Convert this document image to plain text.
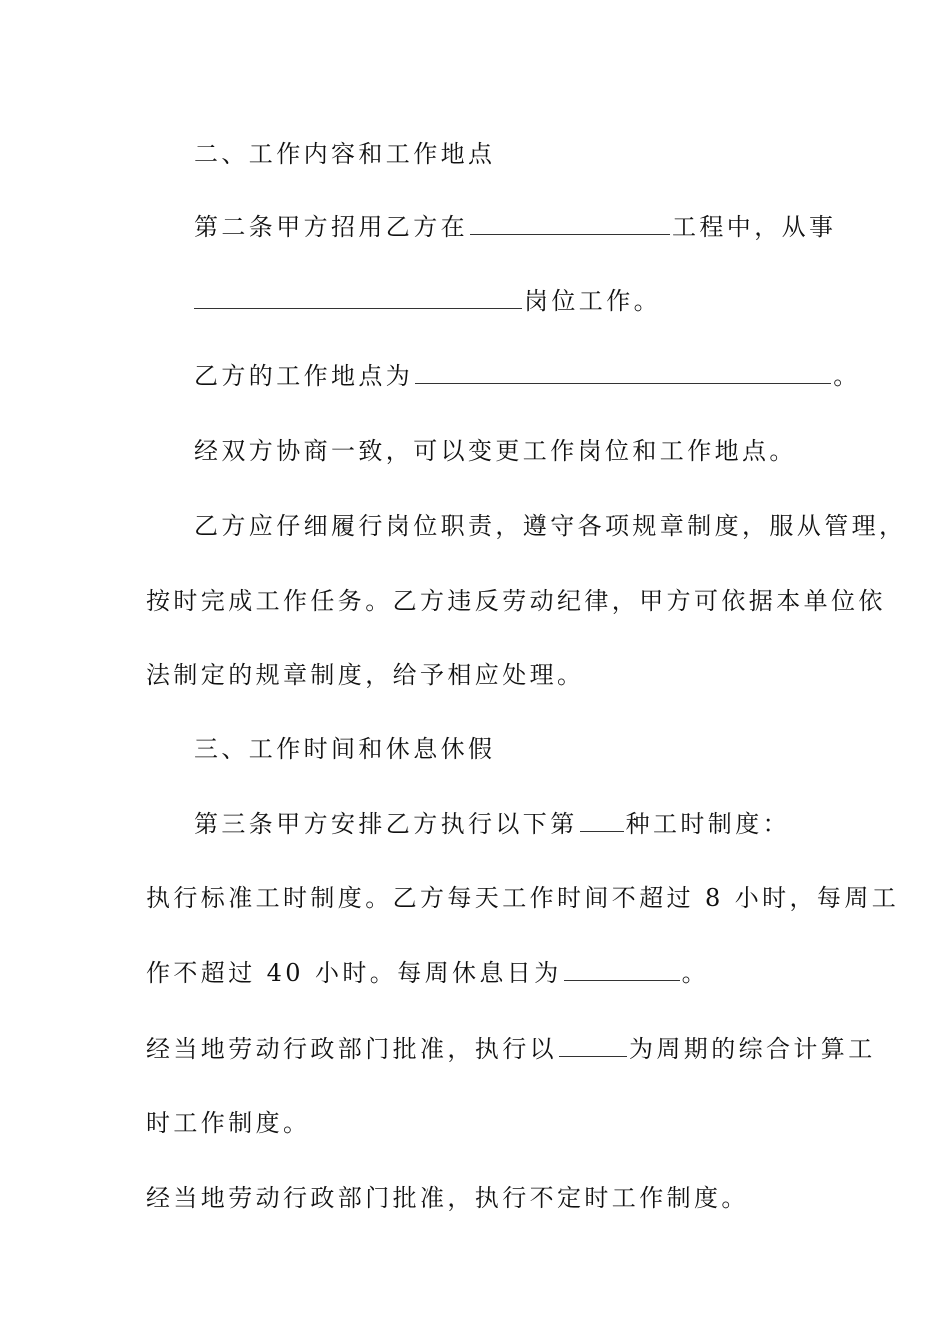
二、工作内容和工作地点
第二条甲方招用乙方在	工程中，从事
岗位工作。
乙方的工作地点为	。
经双方协商一致，可以变更工作岗位和工作地点。
乙方应仔细履行岗位职责，遵守各项规章制度，服从管理，
按时完成工作任务。乙方违反劳动纪律，甲方可依据本单位依
法制定的规章制度，给予相应处理。
三、工作时间和休息休假
第三条甲方安排乙方执行以下第 种工时制度：
执行标准工时制度。乙方每天工作时间不超过 8 小时，每周工
作不超过 40 小时。每周休息日为	。
经当地劳动行政部门批准，执行以	为周期的综合计算工
时工作制度。
经当地劳动行政部门批准，执行不定时工作制度。
